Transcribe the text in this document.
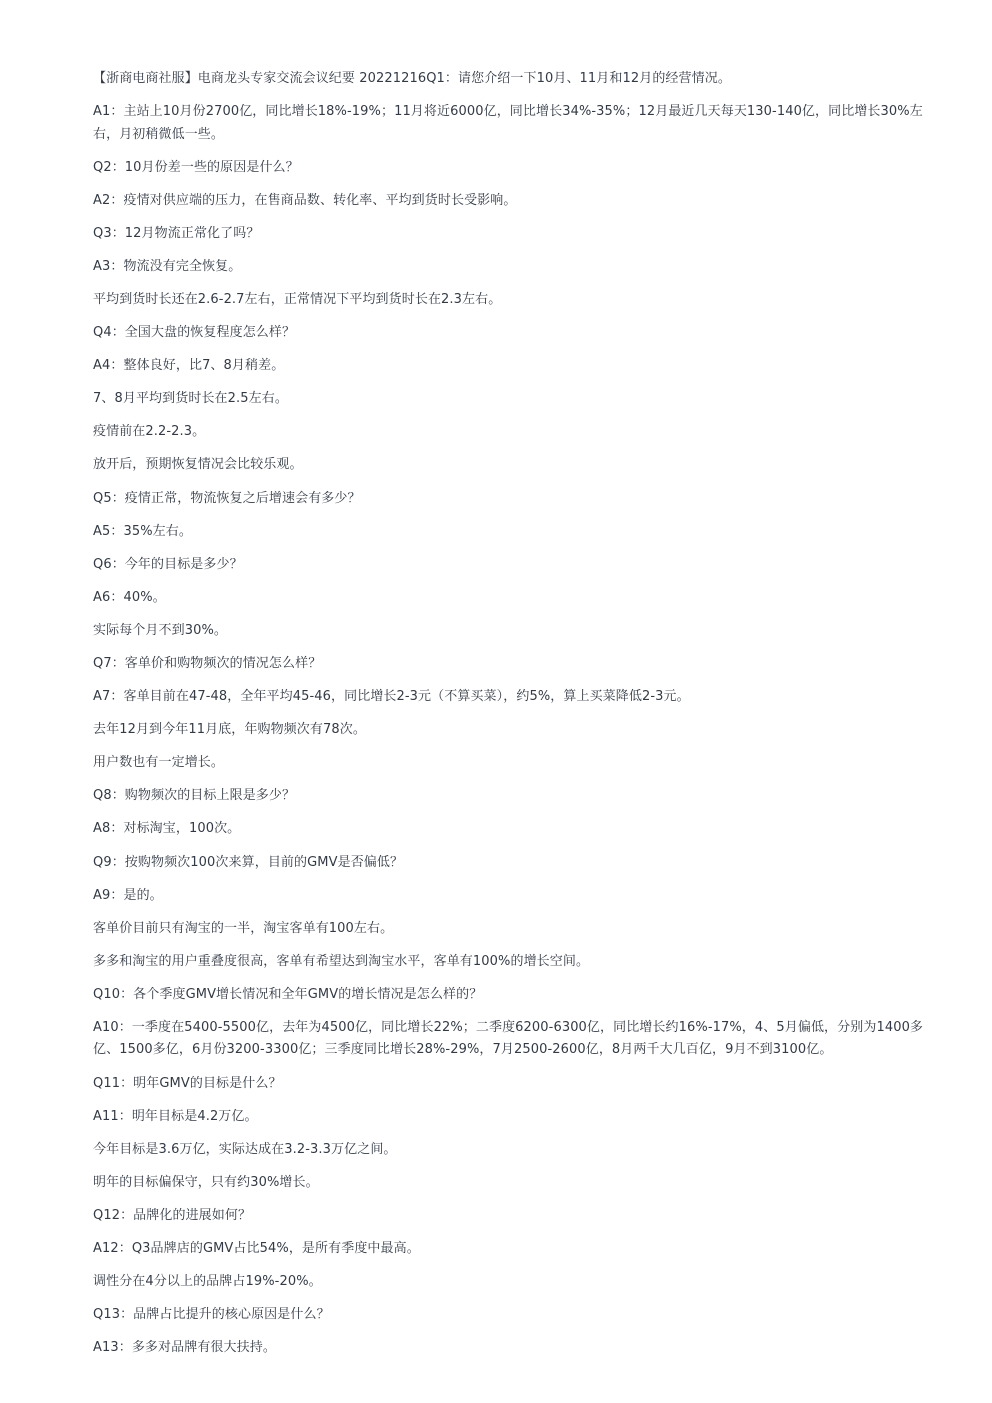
【浙商电商社服】电商龙头专家交流会议纪要 20221216Q1：请您介绍一下10月、11月和12月的经营情况。

A1：主站上10月份2700亿，同比增长18%-19%；11月将近6000亿，同比增长34%-35%；12月最近几天每天130-140亿，同比增长30%左右，月初稍微低一些。

Q2：10月份差一些的原因是什么？

A2：疫情对供应端的压力，在售商品数、转化率、平均到货时长受影响。

Q3：12月物流正常化了吗？

A3：物流没有完全恢复。

平均到货时长还在2.6-2.7左右，正常情况下平均到货时长在2.3左右。

Q4：全国大盘的恢复程度怎么样？

A4：整体良好，比7、8月稍差。

7、8月平均到货时长在2.5左右。

疫情前在2.2-2.3。

放开后，预期恢复情况会比较乐观。

Q5：疫情正常，物流恢复之后增速会有多少？

A5：35%左右。

Q6：今年的目标是多少？

A6：40%。

实际每个月不到30%。

Q7：客单价和购物频次的情况怎么样？

A7：客单目前在47-48，全年平均45-46，同比增长2-3元（不算买菜），约5%，算上买菜降低2-3元。

去年12月到今年11月底，年购物频次有78次。

用户数也有一定增长。

Q8：购物频次的目标上限是多少？

A8：对标淘宝，100次。

Q9：按购物频次100次来算，目前的GMV是否偏低？

A9：是的。

客单价目前只有淘宝的一半，淘宝客单有100左右。

多多和淘宝的用户重叠度很高，客单有希望达到淘宝水平，客单有100%的增长空间。

Q10：各个季度GMV增长情况和全年GMV的增长情况是怎么样的？

A10：一季度在5400-5500亿，去年为4500亿，同比增长22%；二季度6200-6300亿，同比增长约16%-17%，4、5月偏低，分别为1400多亿、1500多亿，6月份3200-3300亿；三季度同比增长28%-29%，7月2500-2600亿，8月两千大几百亿，9月不到3100亿。

Q11：明年GMV的目标是什么？

A11：明年目标是4.2万亿。

今年目标是3.6万亿，实际达成在3.2-3.3万亿之间。

明年的目标偏保守，只有约30%增长。

Q12：品牌化的进展如何？

A12：Q3品牌店的GMV占比54%，是所有季度中最高。

调性分在4分以上的品牌占19%-20%。

Q13：品牌占比提升的核心原因是什么？

A13：多多对品牌有很大扶持。
